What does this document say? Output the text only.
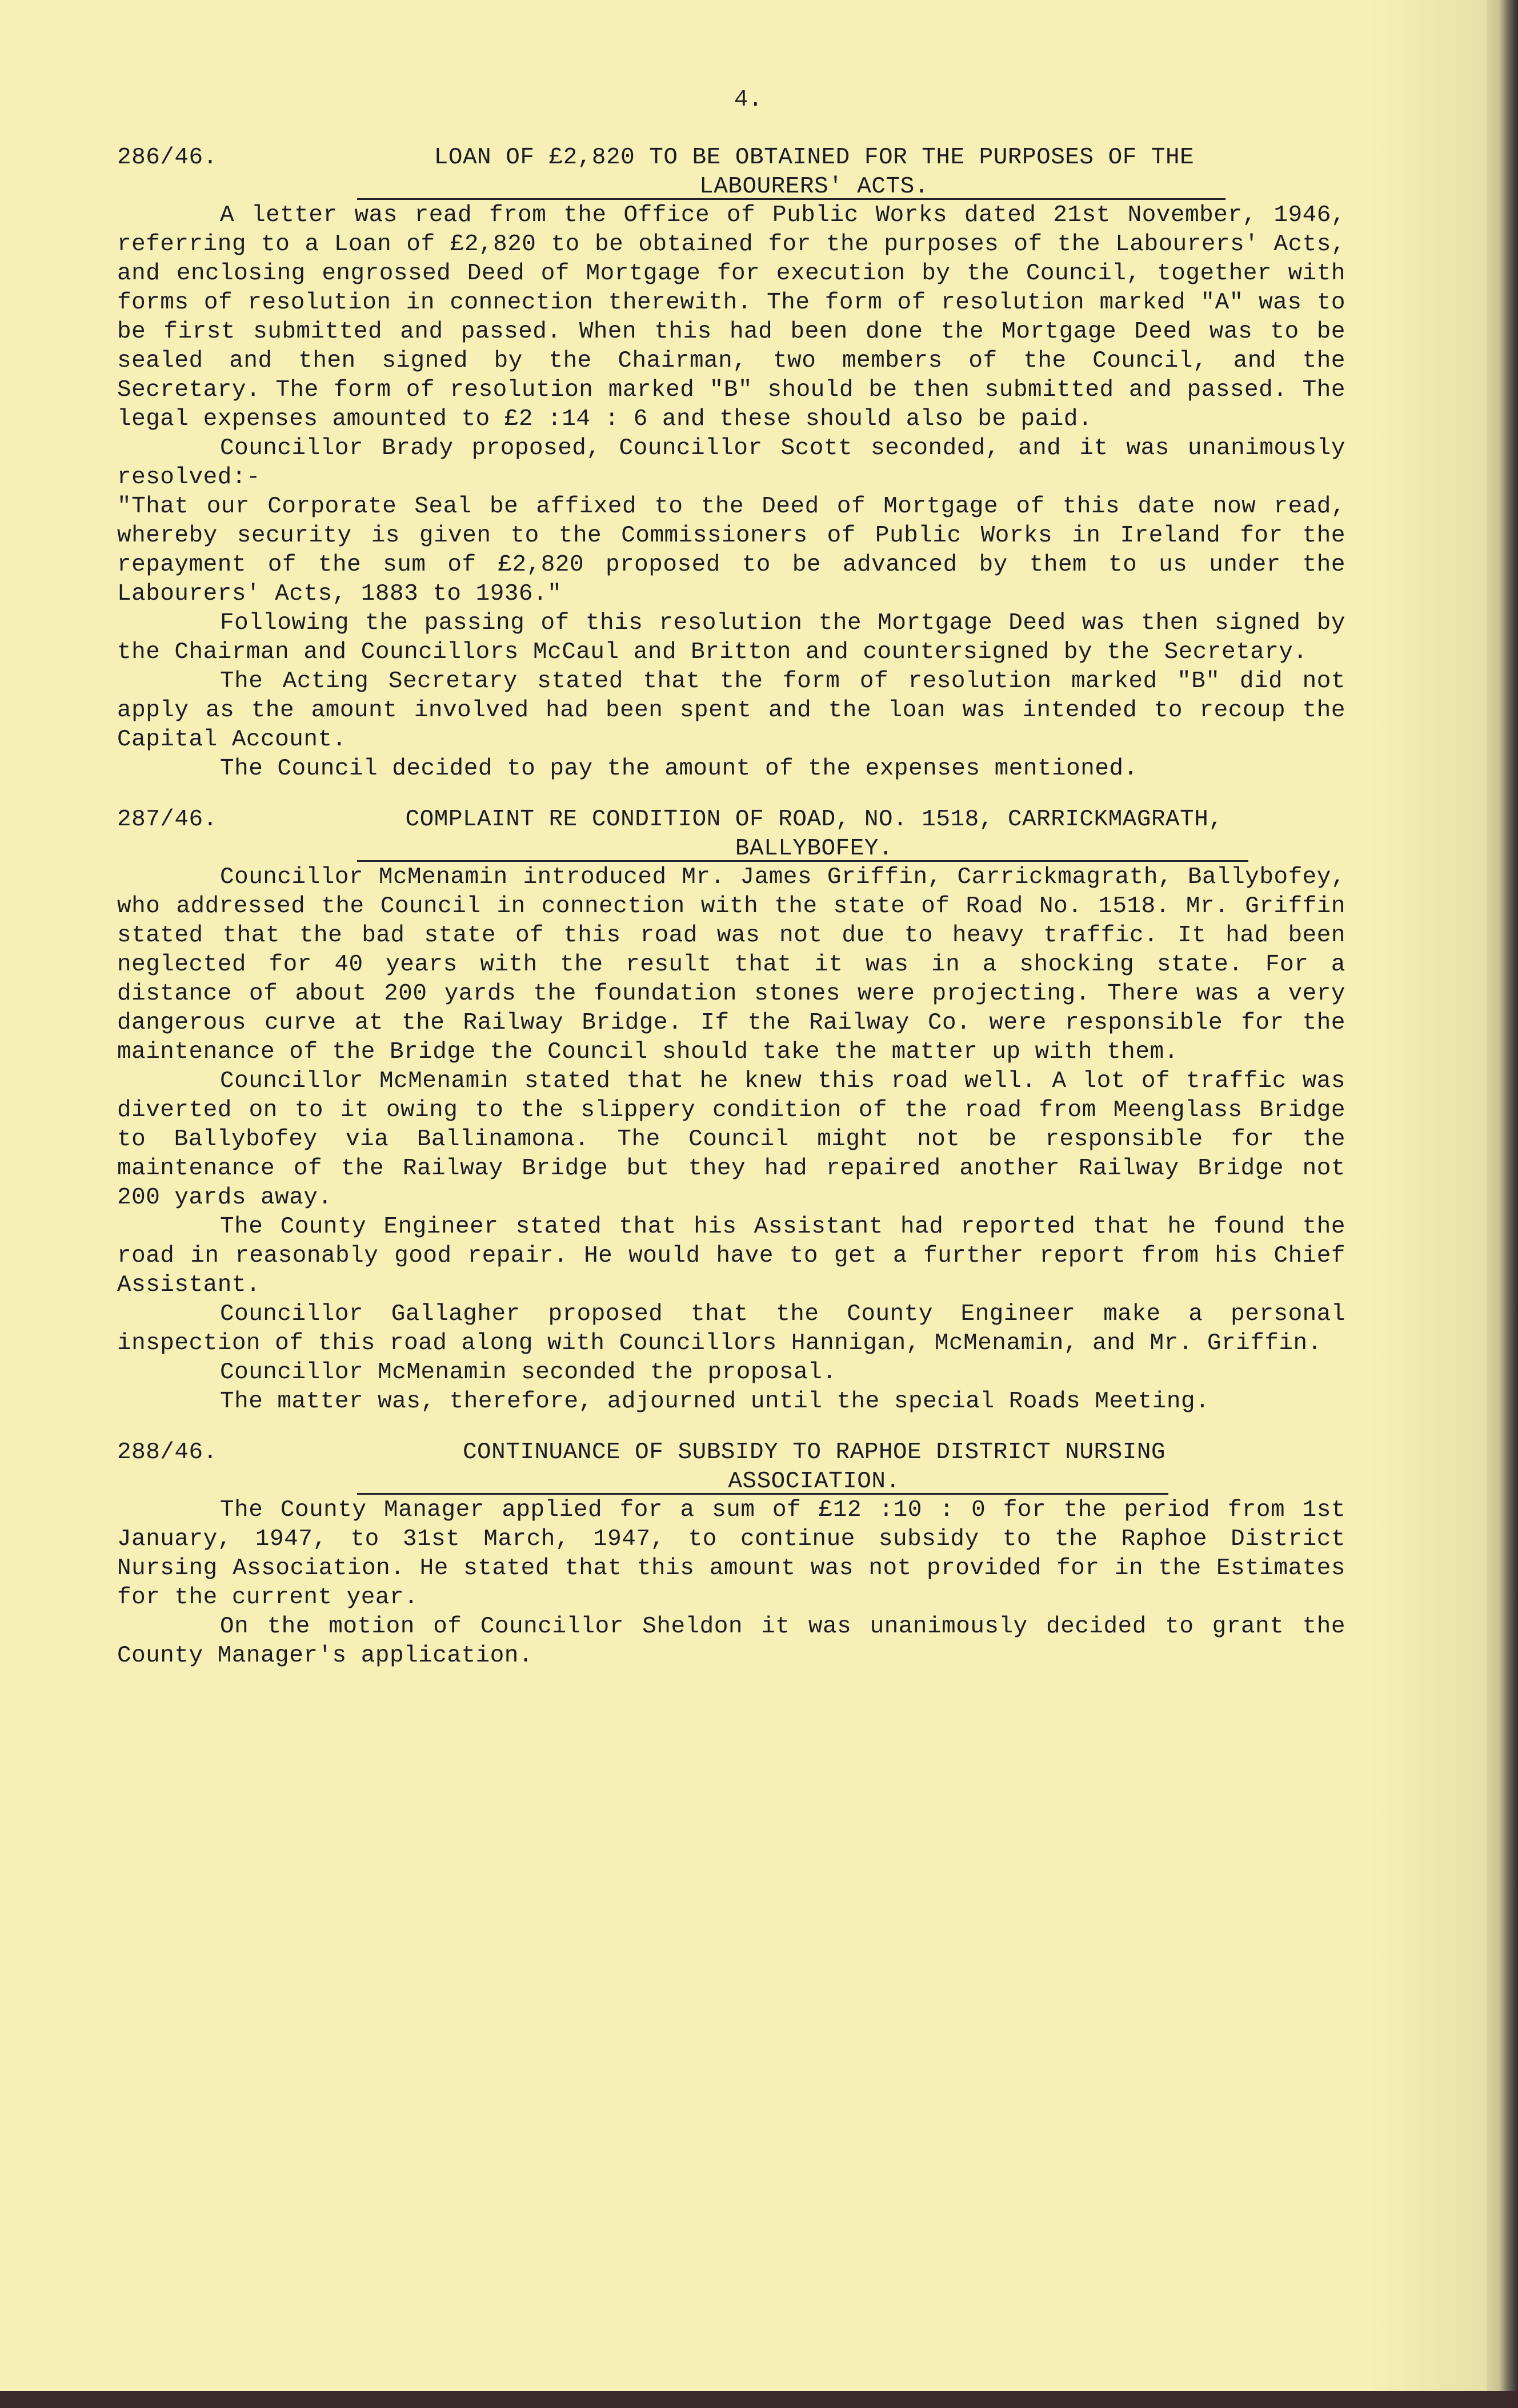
4.
286/46.	LOAN OF £2,820 TO BE OBTAINED FOR THE PURPOSES OF THE
LABOURERS' ACTS.

A letter was read from the Office of Public Works dated 21st November, 1946, referring to a Loan of £2,820 to be obtained for the purposes of the Labourers' Acts, and enclosing engrossed Deed of Mortgage for execution by the Council, together with forms of resolution in connection therewith. The form of resolution marked "A" was to be first submitted and passed. When this had been done the Mortgage Deed was to be sealed and then signed by the Chairman, two members of the Council, and the Secretary. The form of resolution marked "B" should be then submitted and passed. The legal expenses amounted to £2 :14 : 6 and these should also be paid.

Councillor Brady proposed, Councillor Scott seconded, and it was unanimously resolved:-

"That our Corporate Seal be affixed to the Deed of Mortgage of this date now read, whereby security is given to the Commissioners of Public Works in Ireland for the repayment of the sum of £2,820 proposed to be advanced by them to us under the Labourers' Acts, 1883 to 1936."

Following the passing of this resolution the Mortgage Deed was then signed by the Chairman and Councillors McCaul and Britton and countersigned by the Secretary.

The Acting Secretary stated that the form of resolution marked "B" did not apply as the amount involved had been spent and the loan was intended to recoup the Capital Account.

The Council decided to pay the amount of the expenses mentioned.

287/46.	COMPLAINT RE CONDITION OF ROAD, NO. 1518, CARRICKMAGRATH,
BALLYBOFEY.

Councillor McMenamin introduced Mr. James Griffin, Carrickmagrath, Ballybofey, who addressed the Council in connection with the state of Road No. 1518. Mr. Griffin stated that the bad state of this road was not due to heavy traffic. It had been neglected for 40 years with the result that it was in a shocking state. For a distance of about 200 yards the foundation stones were projecting. There was a very dangerous curve at the Railway Bridge. If the Railway Co. were responsible for the maintenance of the Bridge the Council should take the matter up with them.

Councillor McMenamin stated that he knew this road well. A lot of traffic was diverted on to it owing to the slippery condition of the road from Meenglass Bridge to Ballybofey via Ballinamona. The Council might not be responsible for the maintenance of the Railway Bridge but they had repaired another Railway Bridge not 200 yards away.

The County Engineer stated that his Assistant had reported that he found the road in reasonably good repair. He would have to get a further report from his Chief Assistant.

Councillor Gallagher proposed that the County Engineer make a personal inspection of this road along with Councillors Hannigan, McMenamin, and Mr. Griffin.

Councillor McMenamin seconded the proposal.

The matter was, therefore, adjourned until the special Roads Meeting.

288/46.	CONTINUANCE OF SUBSIDY TO RAPHOE DISTRICT NURSING
ASSOCIATION.

The County Manager applied for a sum of £12 :10 : 0 for the period from 1st January, 1947, to 31st March, 1947, to continue subsidy to the Raphoe District Nursing Association. He stated that this amount was not provided for in the Estimates for the current year.

On the motion of Councillor Sheldon it was unanimously decided to grant the County Manager's application.
